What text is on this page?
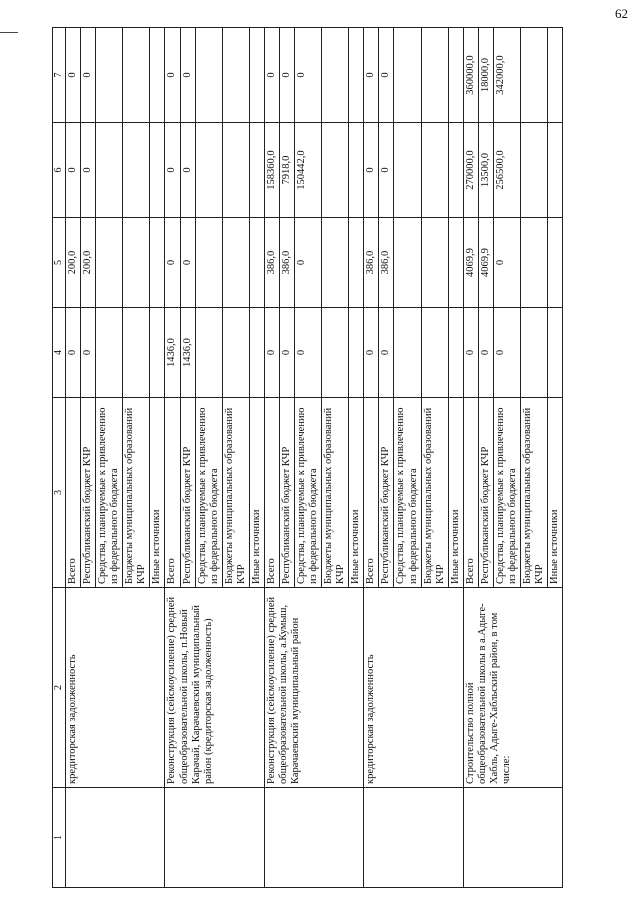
62
1	2	3	4	5	6	7
	кредиторская задолженность	Всего	0	200,0	0	0
		Республиканский бюджет КЧР	0	200,0	0	0
		Средства, планируемые к привлечению из федерального бюджета				
		Бюджеты муниципальных образований КЧР				
		Иные источники				
	Реконструкция (сейсмоусиление) средней общеобразовательной школы, п.Новый Карачай, Карачаевский муниципальный район (кредиторская задолженность)	Всего	1436,0	0	0	0
		Республиканский бюджет КЧР	1436,0	0	0	0
		Средства, планируемые к привлечению из федерального бюджета				
		Бюджеты муниципальных образований КЧР				
		Иные источники				
	Реконструкция (сейсмоусиление) средней общеобразовательной школы, а.Кумыш, Карачаевский муниципальный район	Всего	0	386,0	158360,0	0
		Республиканский бюджет КЧР	0	386,0	7918,0	0
		Средства, планируемые к привлечению из федерального бюджета	0	0	150442,0	0
		Бюджеты муниципальных образований КЧР				
		Иные источники				
	кредиторская задолженность	Всего	0	386,0	0	0
		Республиканский бюджет КЧР	0	386,0	0	0
		Средства, планируемые к привлечению из федерального бюджета				
		Бюджеты муниципальных образований КЧР				
		Иные источники				
	Строительство полной общеобразовательной школы в а.Адыге-Хабль, Адыге-Хабльский район, в том числе:	Всего	0	4069,9	270000,0	360000,0
		Республиканский бюджет КЧР	0	4069,9	13500,0	18000,0
		Средства, планируемые к привлечению из федерального бюджета	0	0	256500,0	342000,0
		Бюджеты муниципальных образований КЧР				
		Иные источники				
